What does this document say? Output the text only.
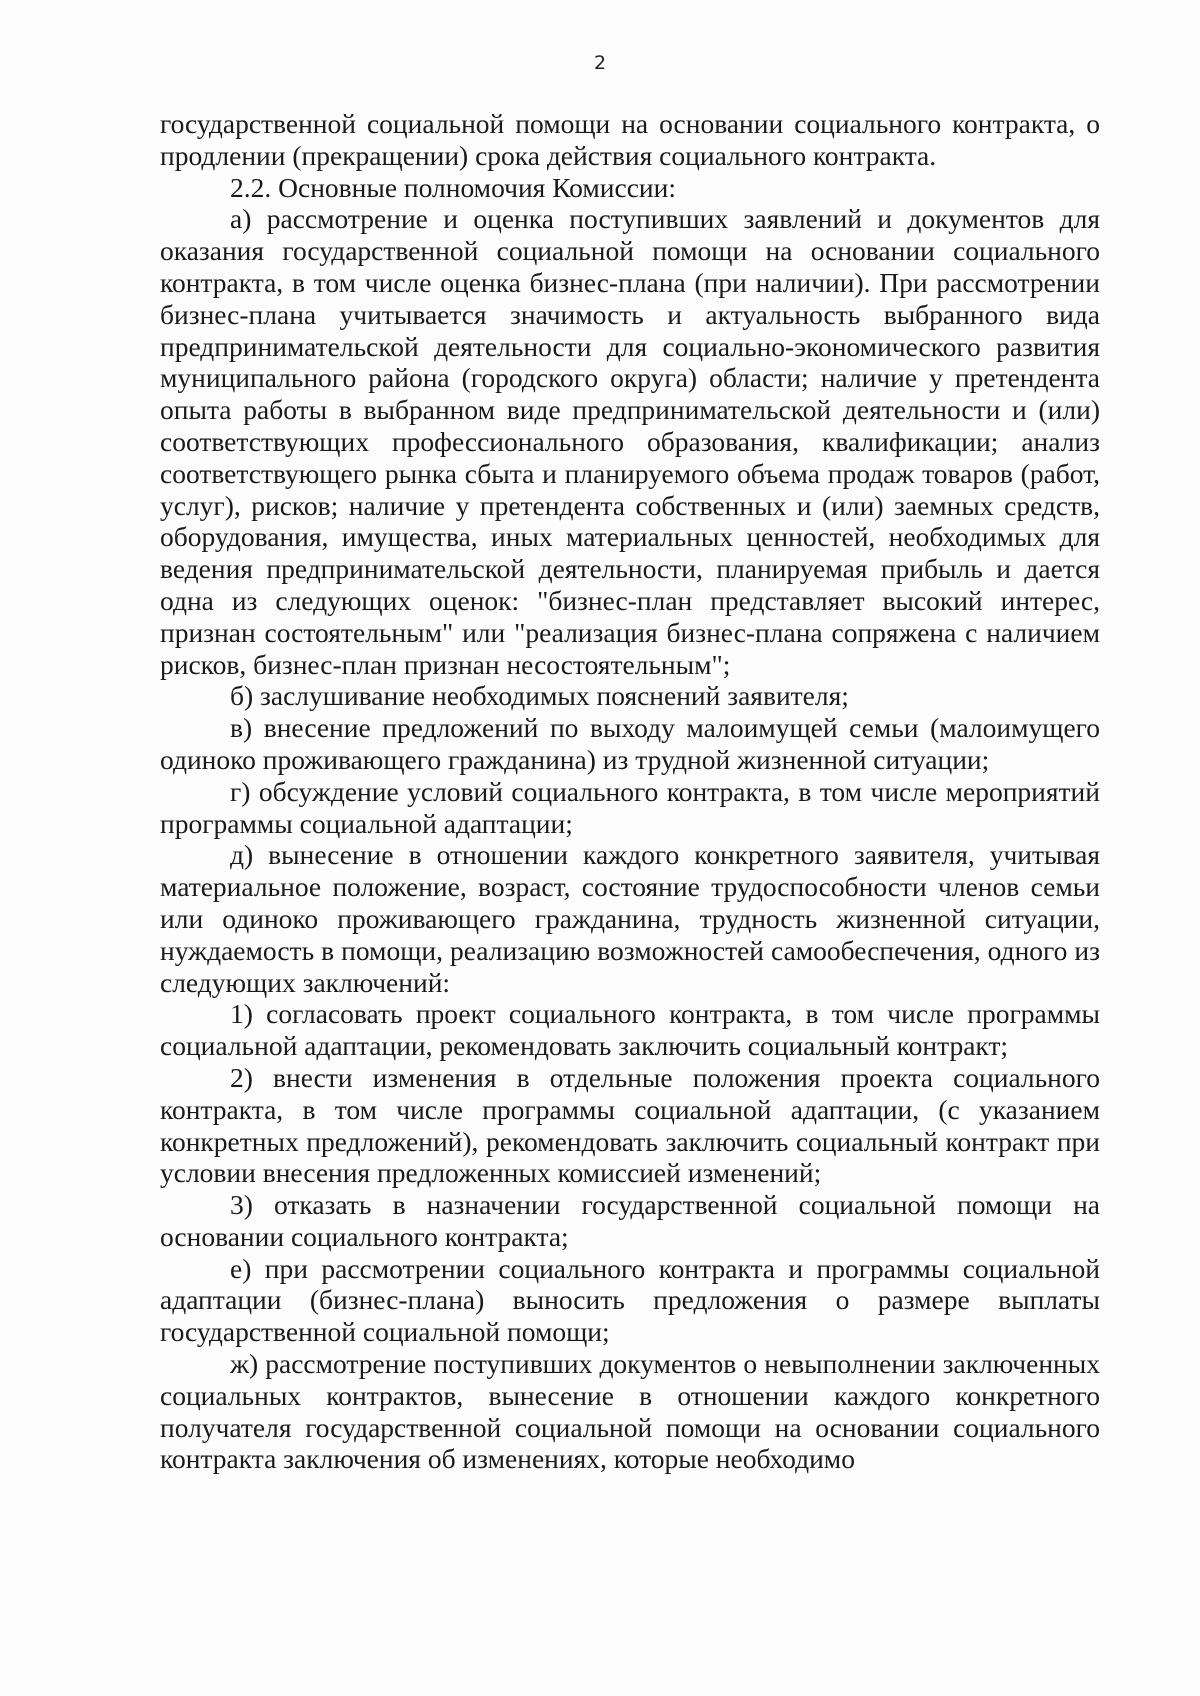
2

государственной социальной помощи на основании социального контракта, о продлении (прекращении) срока действия социального контракта.

2.2. Основные полномочия Комиссии:

а) рассмотрение и оценка поступивших заявлений и документов для оказания государственной социальной помощи на основании социального контракта, в том числе оценка бизнес-плана (при наличии). При рассмотрении бизнес-плана учитывается значимость и актуальность выбранного вида предпринимательской деятельности для социально-экономического развития муниципального района (городского округа) области; наличие у претендента опыта работы в выбранном виде предпринимательской деятельности и (или) соответствующих профессионального образования, квалификации; анализ соответствующего рынка сбыта и планируемого объема продаж товаров (работ, услуг), рисков; наличие у претендента собственных и (или) заемных средств, оборудования, имущества, иных материальных ценностей, необходимых для ведения предпринимательской деятельности, планируемая прибыль и дается одна из следующих оценок: "бизнес-план представляет высокий интерес, признан состоятельным" или "реализация бизнес-плана сопряжена с наличием рисков, бизнес-план признан несостоятельным";

б) заслушивание необходимых пояснений заявителя;

в) внесение предложений по выходу малоимущей семьи (малоимущего одиноко проживающего гражданина) из трудной жизненной ситуации;

г) обсуждение условий социального контракта, в том числе мероприятий программы социальной адаптации;

д) вынесение в отношении каждого конкретного заявителя, учитывая материальное положение, возраст, состояние трудоспособности членов семьи или одиноко проживающего гражданина, трудность жизненной ситуации, нуждаемость в помощи, реализацию возможностей самообеспечения, одного из следующих заключений:

1) согласовать проект социального контракта, в том числе программы социальной адаптации, рекомендовать заключить социальный контракт;

2) внести изменения в отдельные положения проекта социального контракта, в том числе программы социальной адаптации, (с указанием конкретных предложений), рекомендовать заключить социальный контракт при условии внесения предложенных комиссией изменений;

3) отказать в назначении государственной социальной помощи на основании социального контракта;

е) при рассмотрении социального контракта и программы социальной адаптации (бизнес-плана) выносить предложения о размере выплаты государственной социальной помощи;

ж) рассмотрение поступивших документов о невыполнении заключенных социальных контрактов, вынесение в отношении каждого конкретного получателя государственной социальной помощи на основании социального контракта заключения об изменениях, которые необходимо
